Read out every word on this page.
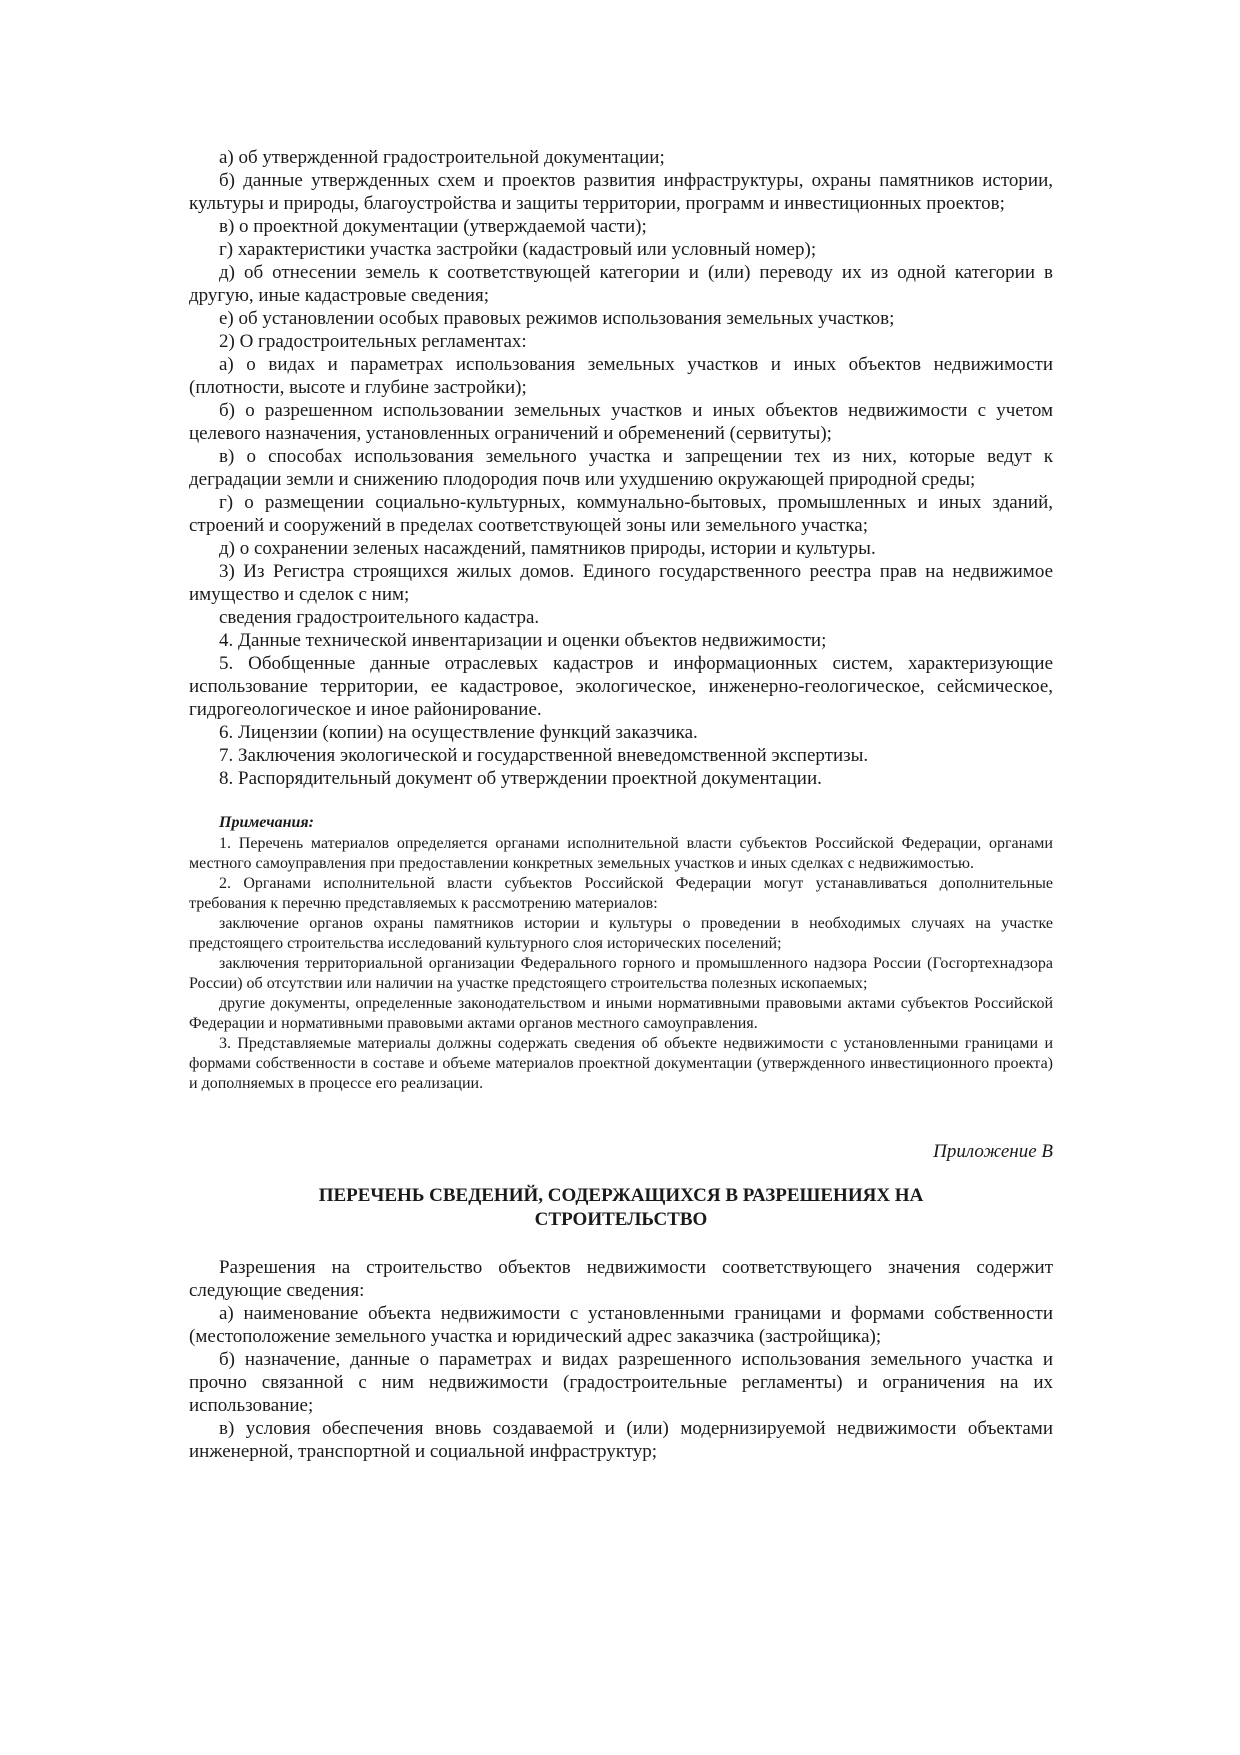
а) об утвержденной градостроительной документации;

б) данные утвержденных схем и проектов развития инфраструктуры, охраны памятников истории, культуры и природы, благоустройства и защиты территории, программ и инвестиционных проектов;

в) о проектной документации (утверждаемой части);

г) характеристики участка застройки (кадастровый или условный номер);

д) об отнесении земель к соответствующей категории и (или) переводу их из одной категории в другую, иные кадастровые сведения;

е) об установлении особых правовых режимов использования земельных участков;

2) О градостроительных регламентах:

а) о видах и параметрах использования земельных участков и иных объектов недвижимости (плотности, высоте и глубине застройки);

б) о разрешенном использовании земельных участков и иных объектов недвижимости с учетом целевого назначения, установленных ограничений и обременений (сервитуты);

в) о способах использования земельного участка и запрещении тех из них, которые ведут к деградации земли и снижению плодородия почв или ухудшению окружающей природной среды;

г) о размещении социально-культурных, коммунально-бытовых, промышленных и иных зданий, строений и сооружений в пределах соответствующей зоны или земельного участка;

д) о сохранении зеленых насаждений, памятников природы, истории и культуры.

3) Из Регистра строящихся жилых домов. Единого государственного реестра прав на недвижимое имущество и сделок с ним;

сведения градостроительного кадастра.

4. Данные технической инвентаризации и оценки объектов недвижимости;

5. Обобщенные данные отраслевых кадастров и информационных систем, характеризующие использование территории, ее кадастровое, экологическое, инженерно-геологическое, сейсмическое, гидрогеологическое и иное районирование.

6. Лицензии (копии) на осуществление функций заказчика.

7. Заключения экологической и государственной вневедомственной экспертизы.

8. Распорядительный документ об утверждении проектной документации.

Примечания:

1. Перечень материалов определяется органами исполнительной власти субъектов Российской Федерации, органами местного самоуправления при предоставлении конкретных земельных участков и иных сделках с недвижимостью.

2. Органами исполнительной власти субъектов Российской Федерации могут устанавливаться дополнительные требования к перечню представляемых к рассмотрению материалов:

заключение органов охраны памятников истории и культуры о проведении в необходимых случаях на участке предстоящего строительства исследований культурного слоя исторических поселений;

заключения территориальной организации Федерального горного и промышленного надзора России (Госгортехнадзора России) об отсутствии или наличии на участке предстоящего строительства полезных ископаемых;

другие документы, определенные законодательством и иными нормативными правовыми актами субъектов Российской Федерации и нормативными правовыми актами органов местного самоуправления.

3. Представляемые материалы должны содержать сведения об объекте недвижимости с установленными границами и формами собственности в составе и объеме материалов проектной документации (утвержденного инвестиционного проекта) и дополняемых в процессе его реализации.

Приложение В

ПЕРЕЧЕНЬ СВЕДЕНИЙ, СОДЕРЖАЩИХСЯ В РАЗРЕШЕНИЯХ НА СТРОИТЕЛЬСТВО

Разрешения на строительство объектов недвижимости соответствующего значения содержит следующие сведения:

а) наименование объекта недвижимости с установленными границами и формами собственности (местоположение земельного участка и юридический адрес заказчика (застройщика);

б) назначение, данные о параметрах и видах разрешенного использования земельного участка и прочно связанной с ним недвижимости (градостроительные регламенты) и ограничения на их использование;

в) условия обеспечения вновь создаваемой и (или) модернизируемой недвижимости объектами инженерной, транспортной и социальной инфраструктур;
